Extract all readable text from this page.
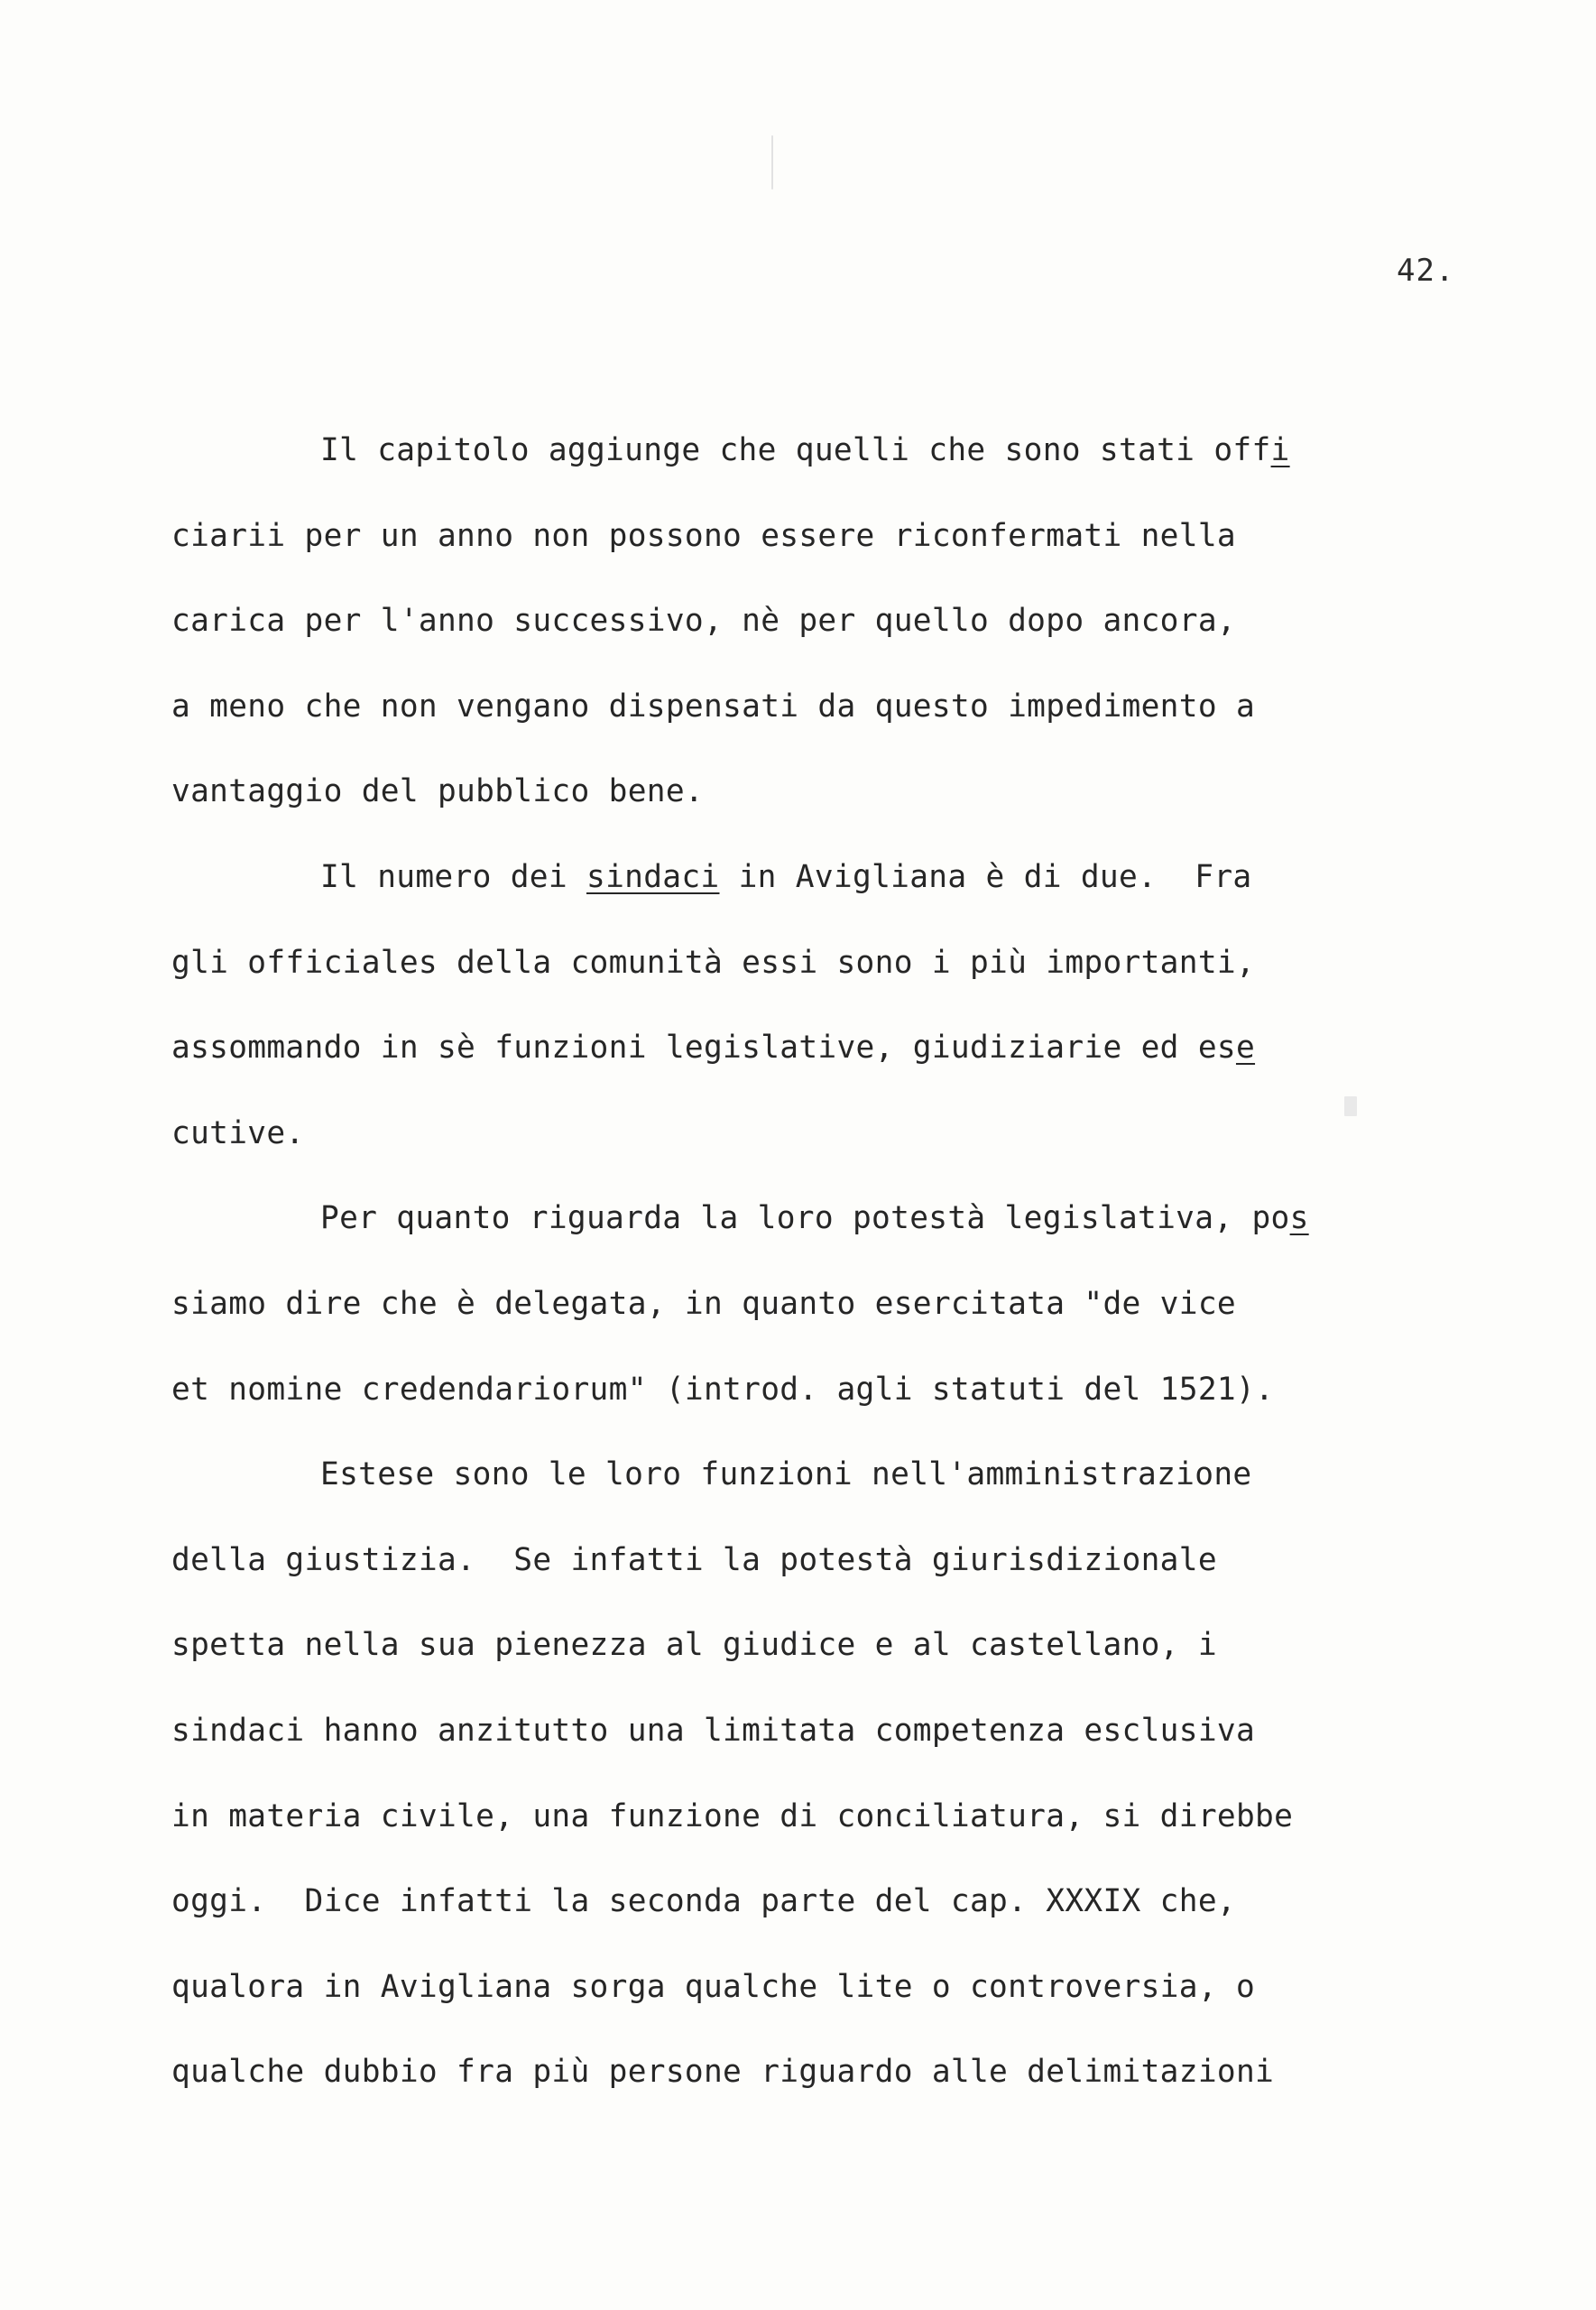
42.
Il capitolo aggiunge che quelli che sono stati offi
ciarii per un anno non possono essere riconfermati nella
carica per l'anno successivo, nè per quello dopo ancora,
a meno che non vengano dispensati da questo impedimento a
vantaggio del pubblico bene.
Il numero dei sindaci in Avigliana è di due.  Fra
gli officiales della comunità essi sono i più importanti,
assommando in sè funzioni legislative, giudiziarie ed ese
cutive.
Per quanto riguarda la loro potestà legislativa, pos
siamo dire che è delegata, in quanto esercitata "de vice
et nomine credendariorum" (introd. agli statuti del 1521).
Estese sono le loro funzioni nell'amministrazione
della giustizia.  Se infatti la potestà giurisdizionale
spetta nella sua pienezza al giudice e al castellano, i
sindaci hanno anzitutto una limitata competenza esclusiva
in materia civile, una funzione di conciliatura, si direbbe
oggi.  Dice infatti la seconda parte del cap. XXXIX che,
qualora in Avigliana sorga qualche lite o controversia, o
qualche dubbio fra più persone riguardo alle delimitazioni
